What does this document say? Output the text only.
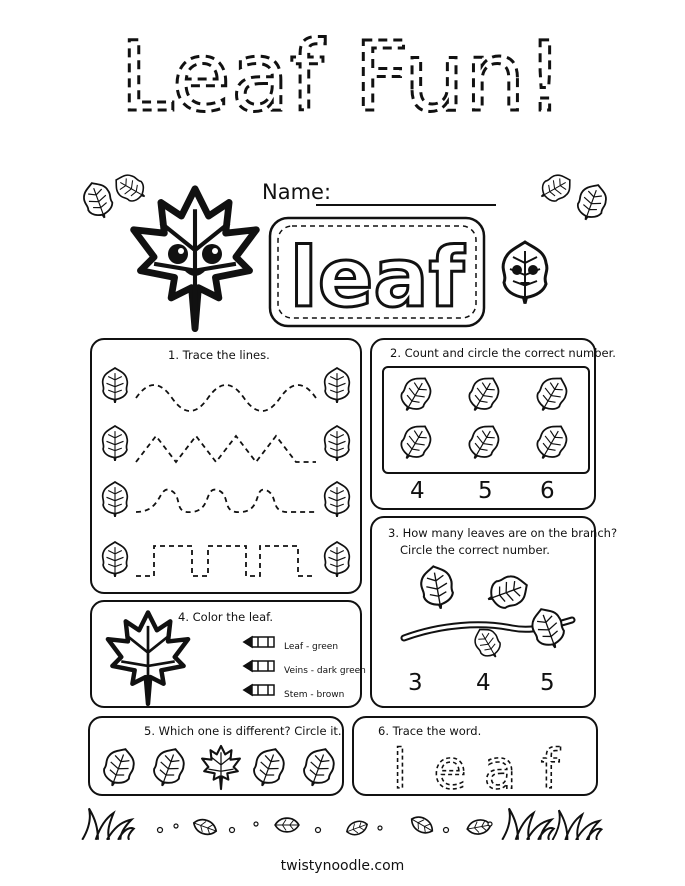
Leaf Fun!
Name:
leaf
1. Trace the lines.	2. Count and circle the correct number.
4 5 6
3. How many leaves are on the branch?
Circle the correct number.
3 4 5
4. Color the leaf.
Leaf - green
Veins - dark green
Stem - brown
5. Which one is different? Circle it.	6. Trace the word.
l e a f
twistynoodle.com
